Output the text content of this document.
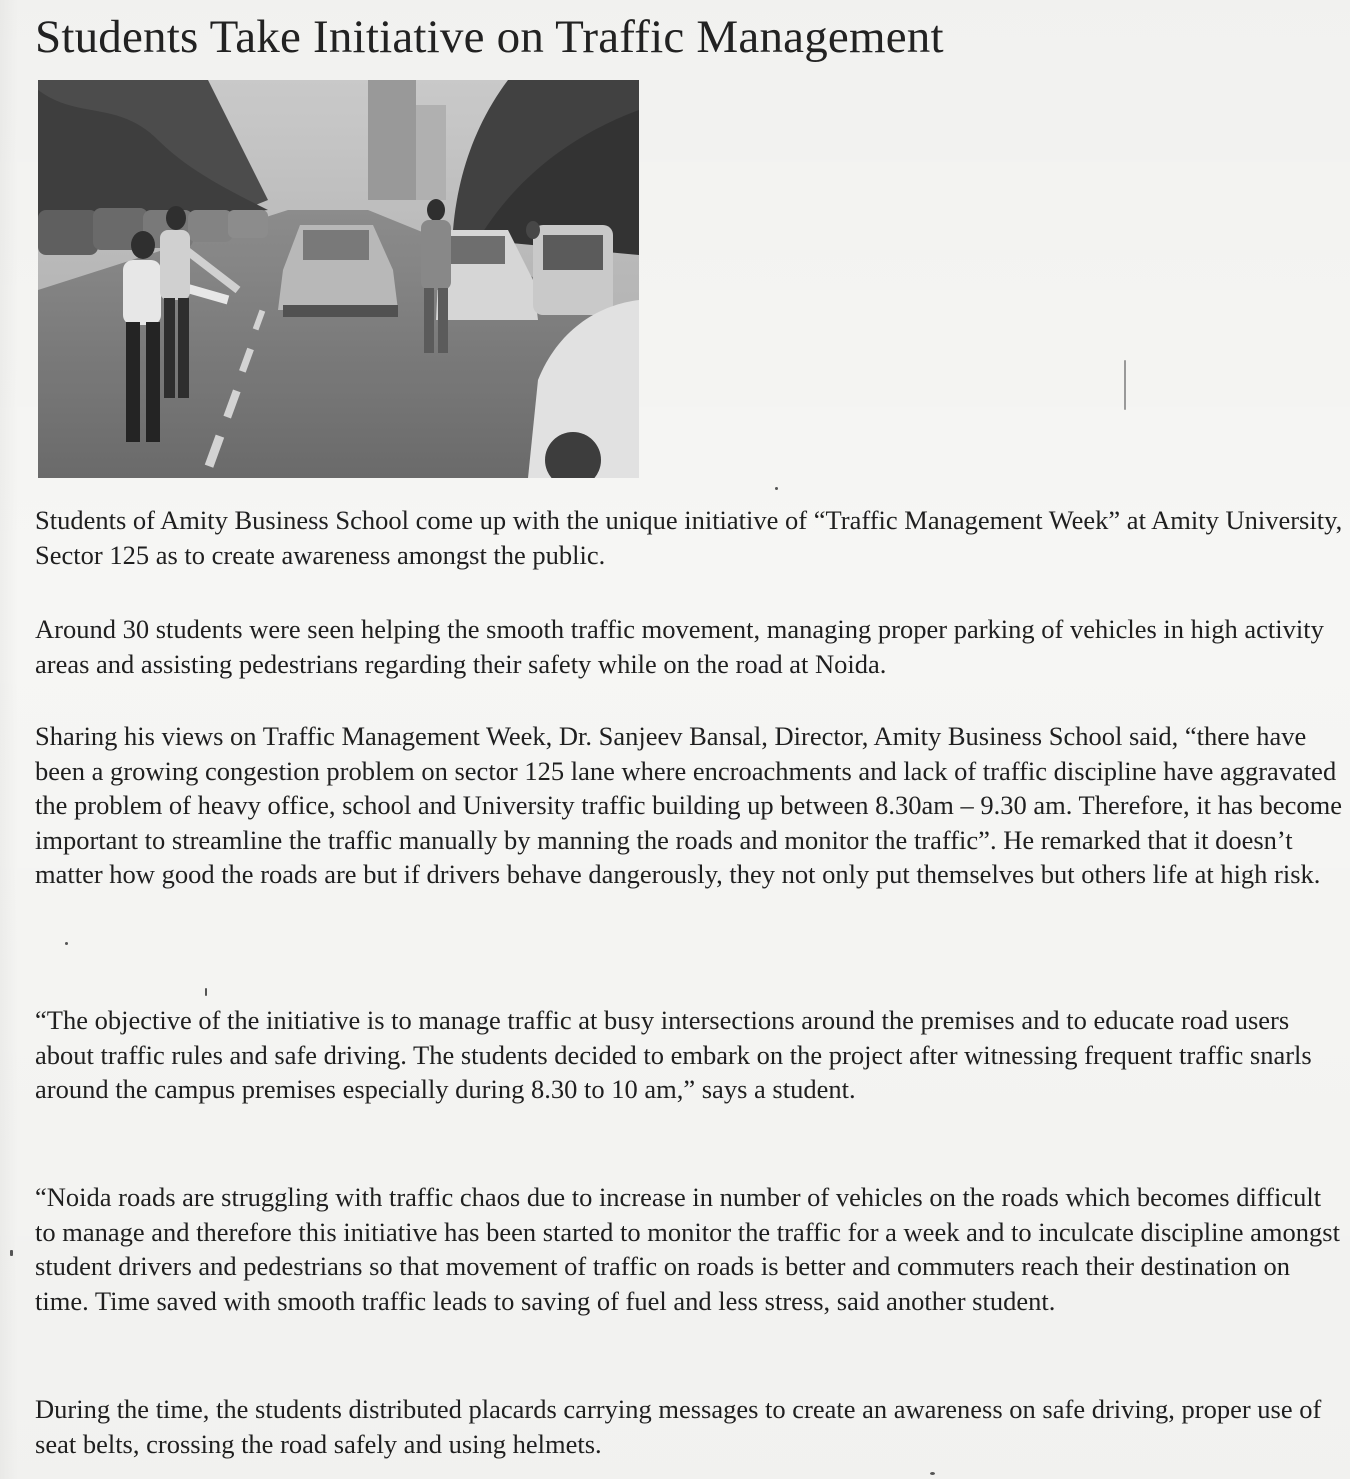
Students Take Initiative on Traffic Management

Students of Amity Business School come up with the unique initiative of “Traffic Management Week” at Amity University, Sector 125 as to create awareness amongst the public.

Around 30 students were seen helping the smooth traffic movement, managing proper parking of vehicles in high activity areas and assisting pedestrians regarding their safety while on the road at Noida.

Sharing his views on Traffic Management Week, Dr. Sanjeev Bansal, Director, Amity Business School said, “there have been a growing congestion problem on sector 125 lane where encroachments and lack of traffic discipline have aggravated the problem of heavy office, school and University traffic building up between 8.30am – 9.30 am. Therefore, it has become important to streamline the traffic manually by manning the roads and monitor the traffic”. He remarked that it doesn’t matter how good the roads are but if drivers behave dangerously, they not only put themselves but others life at high risk.

“The objective of the initiative is to manage traffic at busy intersections around the premises and to educate road users about traffic rules and safe driving. The students decided to embark on the project after witnessing frequent traffic snarls around the campus premises especially during 8.30 to 10 am,” says a student.

“Noida roads are struggling with traffic chaos due to increase in number of vehicles on the roads which becomes difficult to manage and therefore this initiative has been started to monitor the traffic for a week and to inculcate discipline amongst student drivers and pedestrians so that movement of traffic on roads is better and commuters reach their destination on time. Time saved with smooth traffic leads to saving of fuel and less stress, said another student.

During the time, the students distributed placards carrying messages to create an awareness on safe driving, proper use of seat belts, crossing the road safely and using helmets.
